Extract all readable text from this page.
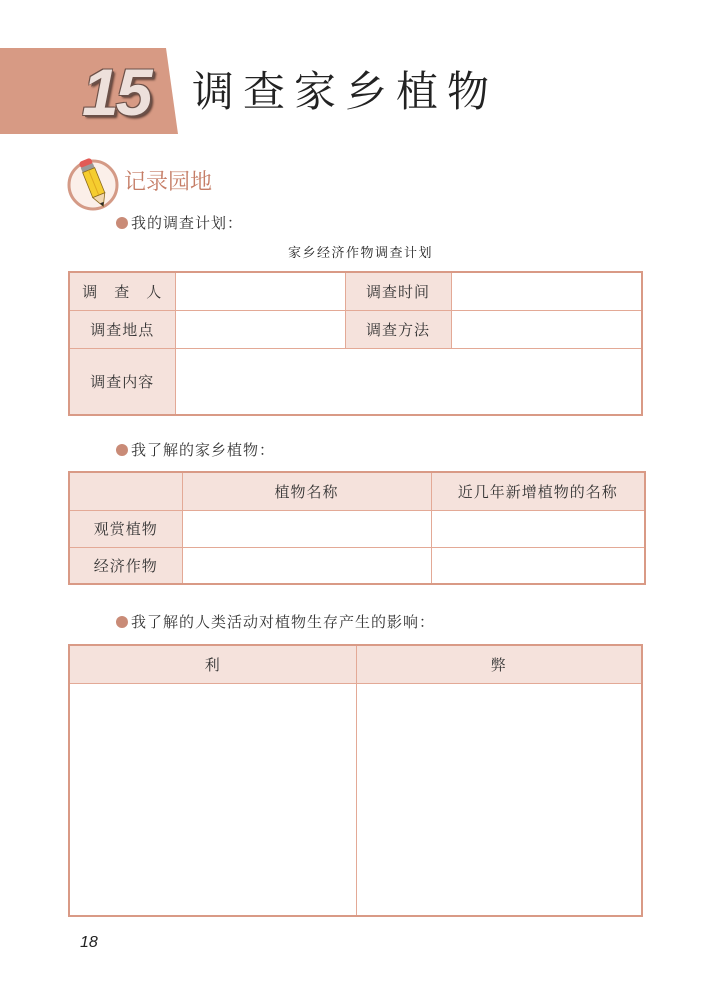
15 调查家乡植物
记录园地
我的调查计划：
家乡经济作物调查计划
调　查　人		调查时间	
调查地点		调查方法	
调查内容			
我了解的家乡植物：
	植物名称	近几年新增植物的名称
观赏植物		
经济作物		
我了解的人类活动对植物生存产生的影响：
利	弊

18
